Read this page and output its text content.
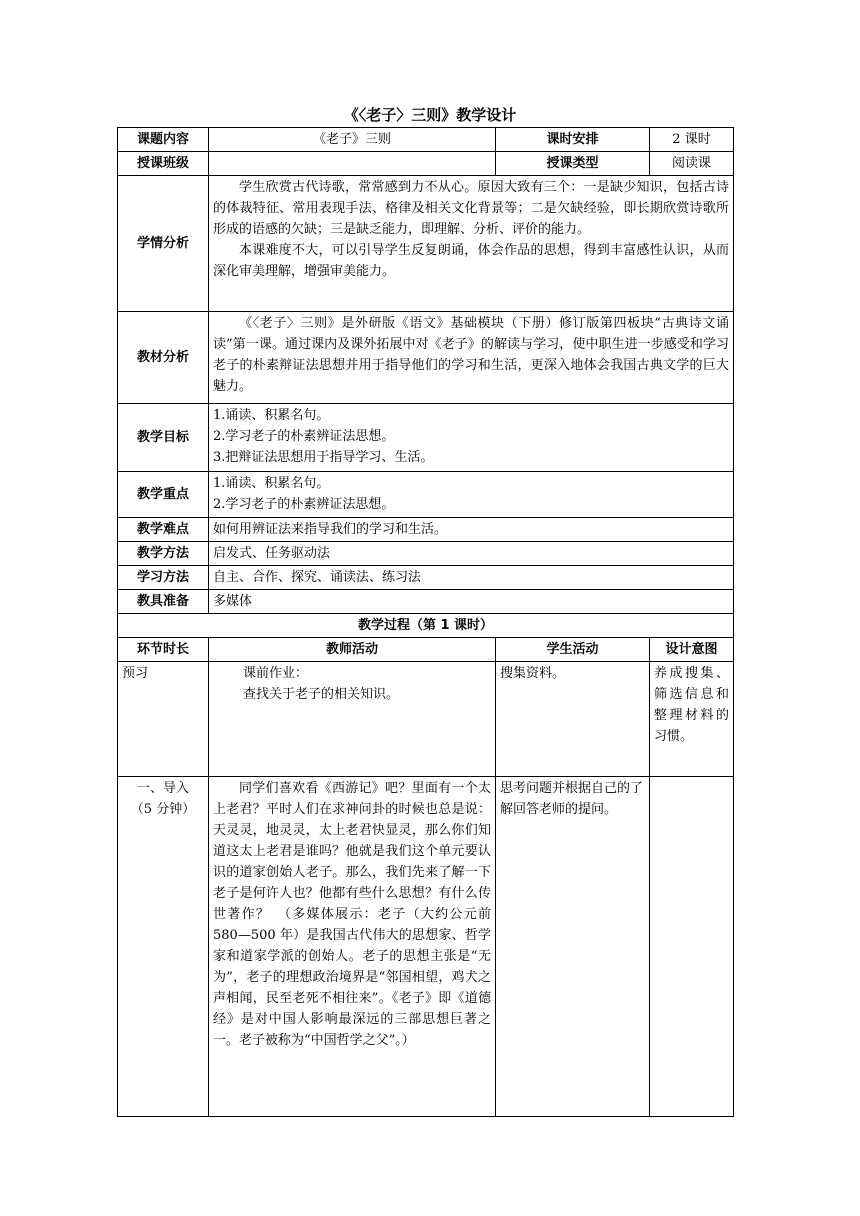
《〈老子〉三则》教学设计
课题内容	《老子》三则	课时安排	2 课时
授课班级		授课类型	阅读课
学情分析	学生欣赏古代诗歌，常常感到力不从心。原因大致有三个：一是缺少知识，包括古诗的体裁特征、常用表现手法、格律及相关文化背景等；二是欠缺经验，即长期欣赏诗歌所形成的语感的欠缺；三是缺乏能力，即理解、分析、评价的能力。

本课难度不大，可以引导学生反复朗诵，体会作品的思想，得到丰富感性认识，从而深化审美理解，增强审美能力。		

教材分析	《〈老子〉三则》是外研版《语文》基础模块（下册）修订版第四板块“古典诗文诵读”第一课。通过课内及课外拓展中对《老子》的解读与学习，使中职生进一步感受和学习老子的朴素辩证法思想并用于指导他们的学习和生活，更深入地体会我国古典文学的巨大魅力。		

教学目标	1.诵读、积累名句。

2.学习老子的朴素辨证法思想。

3.把辩证法思想用于指导学习、生活。		

教学重点	1.诵读、积累名句。

2.学习老子的朴素辨证法思想。		

教学难点	如何用辨证法来指导我们的学习和生活。		
教学方法	启发式、任务驱动法		
学习方法	自主、合作、探究、诵读法、练习法		
教具准备	多媒体		
教学过程（第 1 课时）			
环节时长	教师活动	学生活动	设计意图

预习	课前作业：

查找关于老子的相关知识。	搜集资料。	养成搜集、筛选信息和整理材料的习惯。

一、导入

（5 分钟）	同学们喜欢看《西游记》吧？里面有一个太上老君？平时人们在求神问卦的时候也总是说：天灵灵，地灵灵，太上老君快显灵，那么你们知道这太上老君是谁吗？他就是我们这个单元要认识的道家创始人老子。那么，我们先来了解一下老子是何许人也？他都有些什么思想？有什么传世著作？　（多媒体展示：老子（大约公元前 580—500 年）是我国古代伟大的思想家、哲学家和道家学派的创始人。老子的思想主张是“无为”，老子的理想政治境界是“邻国相望，鸡犬之声相闻，民至老死不相往来”。《老子》即《道德经》是对中国人影响最深远的三部思想巨著之一。老子被称为“中国哲学之父”。）	思考问题并根据自己的了解回答老师的提问。	
